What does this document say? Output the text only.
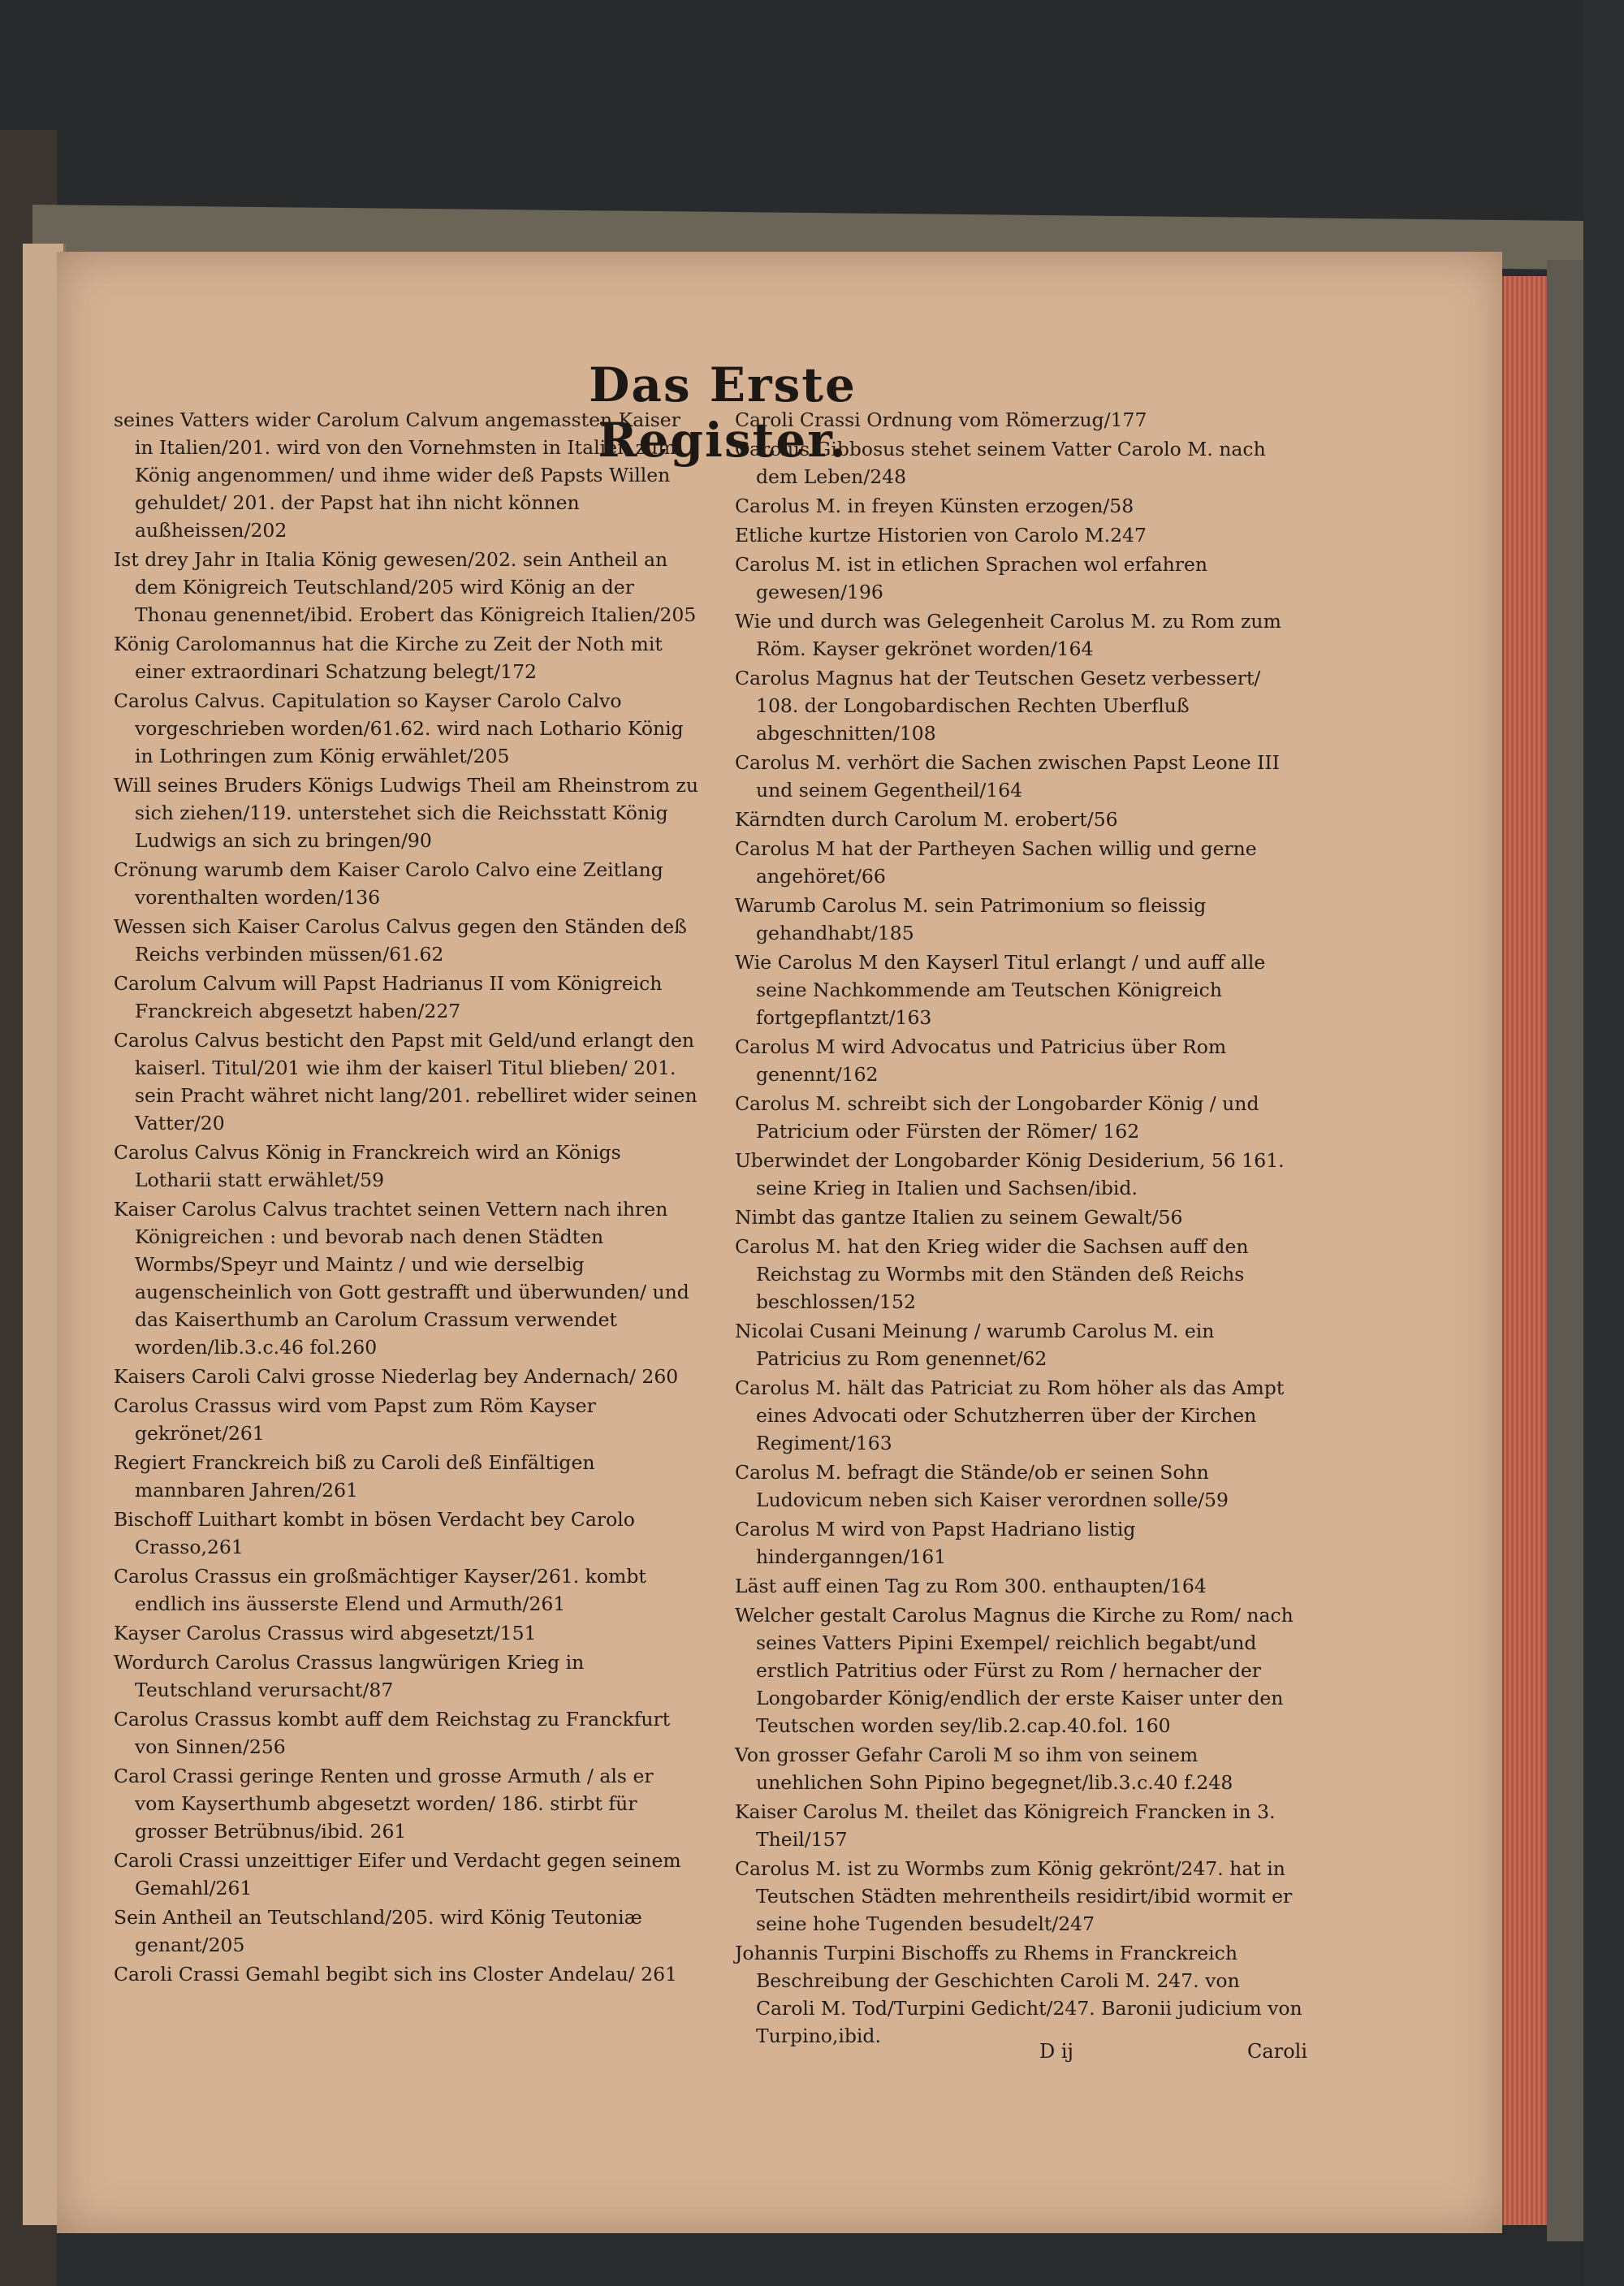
Das Erste Register.

seines Vatters wider Carolum Calvum angemassten Kaiser in Italien/201. wird von den Vornehmsten in Italien zum König angenommen/ und ihme wider deß Papsts Willen gehuldet/ 201. der Papst hat ihn nicht können außheissen/202

Ist drey Jahr in Italia König gewesen/202. sein Antheil an dem Königreich Teutschland/205 wird König an der Thonau genennet/ibid. Erobert das Königreich Italien/205

König Carolomannus hat die Kirche zu Zeit der Noth mit einer extraordinari Schatzung belegt/172

Carolus Calvus. Capitulation so Kayser Carolo Calvo vorgeschrieben worden/61.62. wird nach Lothario König in Lothringen zum König erwählet/205

Will seines Bruders Königs Ludwigs Theil am Rheinstrom zu sich ziehen/119. unterstehet sich die Reichsstatt König Ludwigs an sich zu bringen/90

Crönung warumb dem Kaiser Carolo Calvo eine Zeitlang vorenthalten worden/136

Wessen sich Kaiser Carolus Calvus gegen den Ständen deß Reichs verbinden müssen/61.62

Carolum Calvum will Papst Hadrianus II vom Königreich Franckreich abgesetzt haben/227

Carolus Calvus besticht den Papst mit Geld/und erlangt den kaiserl. Titul/201 wie ihm der kaiserl Titul blieben/ 201. sein Pracht währet nicht lang/201. rebelliret wider seinen Vatter/20

Carolus Calvus König in Franckreich wird an Königs Lotharii statt erwählet/59

Kaiser Carolus Calvus trachtet seinen Vettern nach ihren Königreichen : und bevorab nach denen Städten Wormbs/Speyr und Maintz / und wie derselbig augenscheinlich von Gott gestrafft und überwunden/ und das Kaiserthumb an Carolum Crassum verwendet worden/lib.3.c.46 fol.260

Kaisers Caroli Calvi grosse Niederlag bey Andernach/ 260

Carolus Crassus wird vom Papst zum Röm Kayser gekrönet/261

Regiert Franckreich biß zu Caroli deß Einfältigen mannbaren Jahren/261

Bischoff Luithart kombt in bösen Verdacht bey Carolo Crasso,261

Carolus Crassus ein großmächtiger Kayser/261. kombt endlich ins äusserste Elend und Armuth/261

Kayser Carolus Crassus wird abgesetzt/151

Wordurch Carolus Crassus langwürigen Krieg in Teutschland verursacht/87

Carolus Crassus kombt auff dem Reichstag zu Franckfurt von Sinnen/256

Carol Crassi geringe Renten und grosse Armuth / als er vom Kayserthumb abgesetzt worden/ 186. stirbt für grosser Betrübnus/ibid. 261

Caroli Crassi unzeittiger Eifer und Verdacht gegen seinem Gemahl/261

Sein Antheil an Teutschland/205. wird König Teutoniæ genant/205

Caroli Crassi Gemahl begibt sich ins Closter Andelau/ 261

Caroli Crassi Ordnung vom Römerzug/177

Carolus Gibbosus stehet seinem Vatter Carolo M. nach dem Leben/248

Carolus M. in freyen Künsten erzogen/58

Etliche kurtze Historien von Carolo M.247

Carolus M. ist in etlichen Sprachen wol erfahren gewesen/196

Wie und durch was Gelegenheit Carolus M. zu Rom zum Röm. Kayser gekrönet worden/164

Carolus Magnus hat der Teutschen Gesetz verbessert/ 108. der Longobardischen Rechten Uberfluß abgeschnitten/108

Carolus M. verhört die Sachen zwischen Papst Leone III und seinem Gegentheil/164

Kärndten durch Carolum M. erobert/56

Carolus M hat der Partheyen Sachen willig und gerne angehöret/66

Warumb Carolus M. sein Patrimonium so fleissig gehandhabt/185

Wie Carolus M den Kayserl Titul erlangt / und auff alle seine Nachkommende am Teutschen Königreich fortgepflantzt/163

Carolus M wird Advocatus und Patricius über Rom genennt/162

Carolus M. schreibt sich der Longobarder König / und Patricium oder Fürsten der Römer/ 162

Uberwindet der Longobarder König Desiderium, 56 161. seine Krieg in Italien und Sachsen/ibid.

Nimbt das gantze Italien zu seinem Gewalt/56

Carolus M. hat den Krieg wider die Sachsen auff den Reichstag zu Wormbs mit den Ständen deß Reichs beschlossen/152

Nicolai Cusani Meinung / warumb Carolus M. ein Patricius zu Rom genennet/62

Carolus M. hält das Patriciat zu Rom höher als das Ampt eines Advocati oder Schutzherren über der Kirchen Regiment/163

Carolus M. befragt die Stände/ob er seinen Sohn Ludovicum neben sich Kaiser verordnen solle/59

Carolus M wird von Papst Hadriano listig hinderganngen/161

Läst auff einen Tag zu Rom 300. enthaupten/164

Welcher gestalt Carolus Magnus die Kirche zu Rom/ nach seines Vatters Pipini Exempel/ reichlich begabt/und erstlich Patritius oder Fürst zu Rom / hernacher der Longobarder König/endlich der erste Kaiser unter den Teutschen worden sey/lib.2.cap.40.fol. 160

Von grosser Gefahr Caroli M so ihm von seinem unehlichen Sohn Pipino begegnet/lib.3.c.40 f.248

Kaiser Carolus M. theilet das Königreich Francken in 3. Theil/157

Carolus M. ist zu Wormbs zum König gekrönt/247. hat in Teutschen Städten mehrentheils residirt/ibid wormit er seine hohe Tugenden besudelt/247

Johannis Turpini Bischoffs zu Rhems in Franckreich Beschreibung der Geschichten Caroli M. 247. von Caroli M. Tod/Turpini Gedicht/247. Baronii judicium von Turpino,ibid.

D ij	Caroli
